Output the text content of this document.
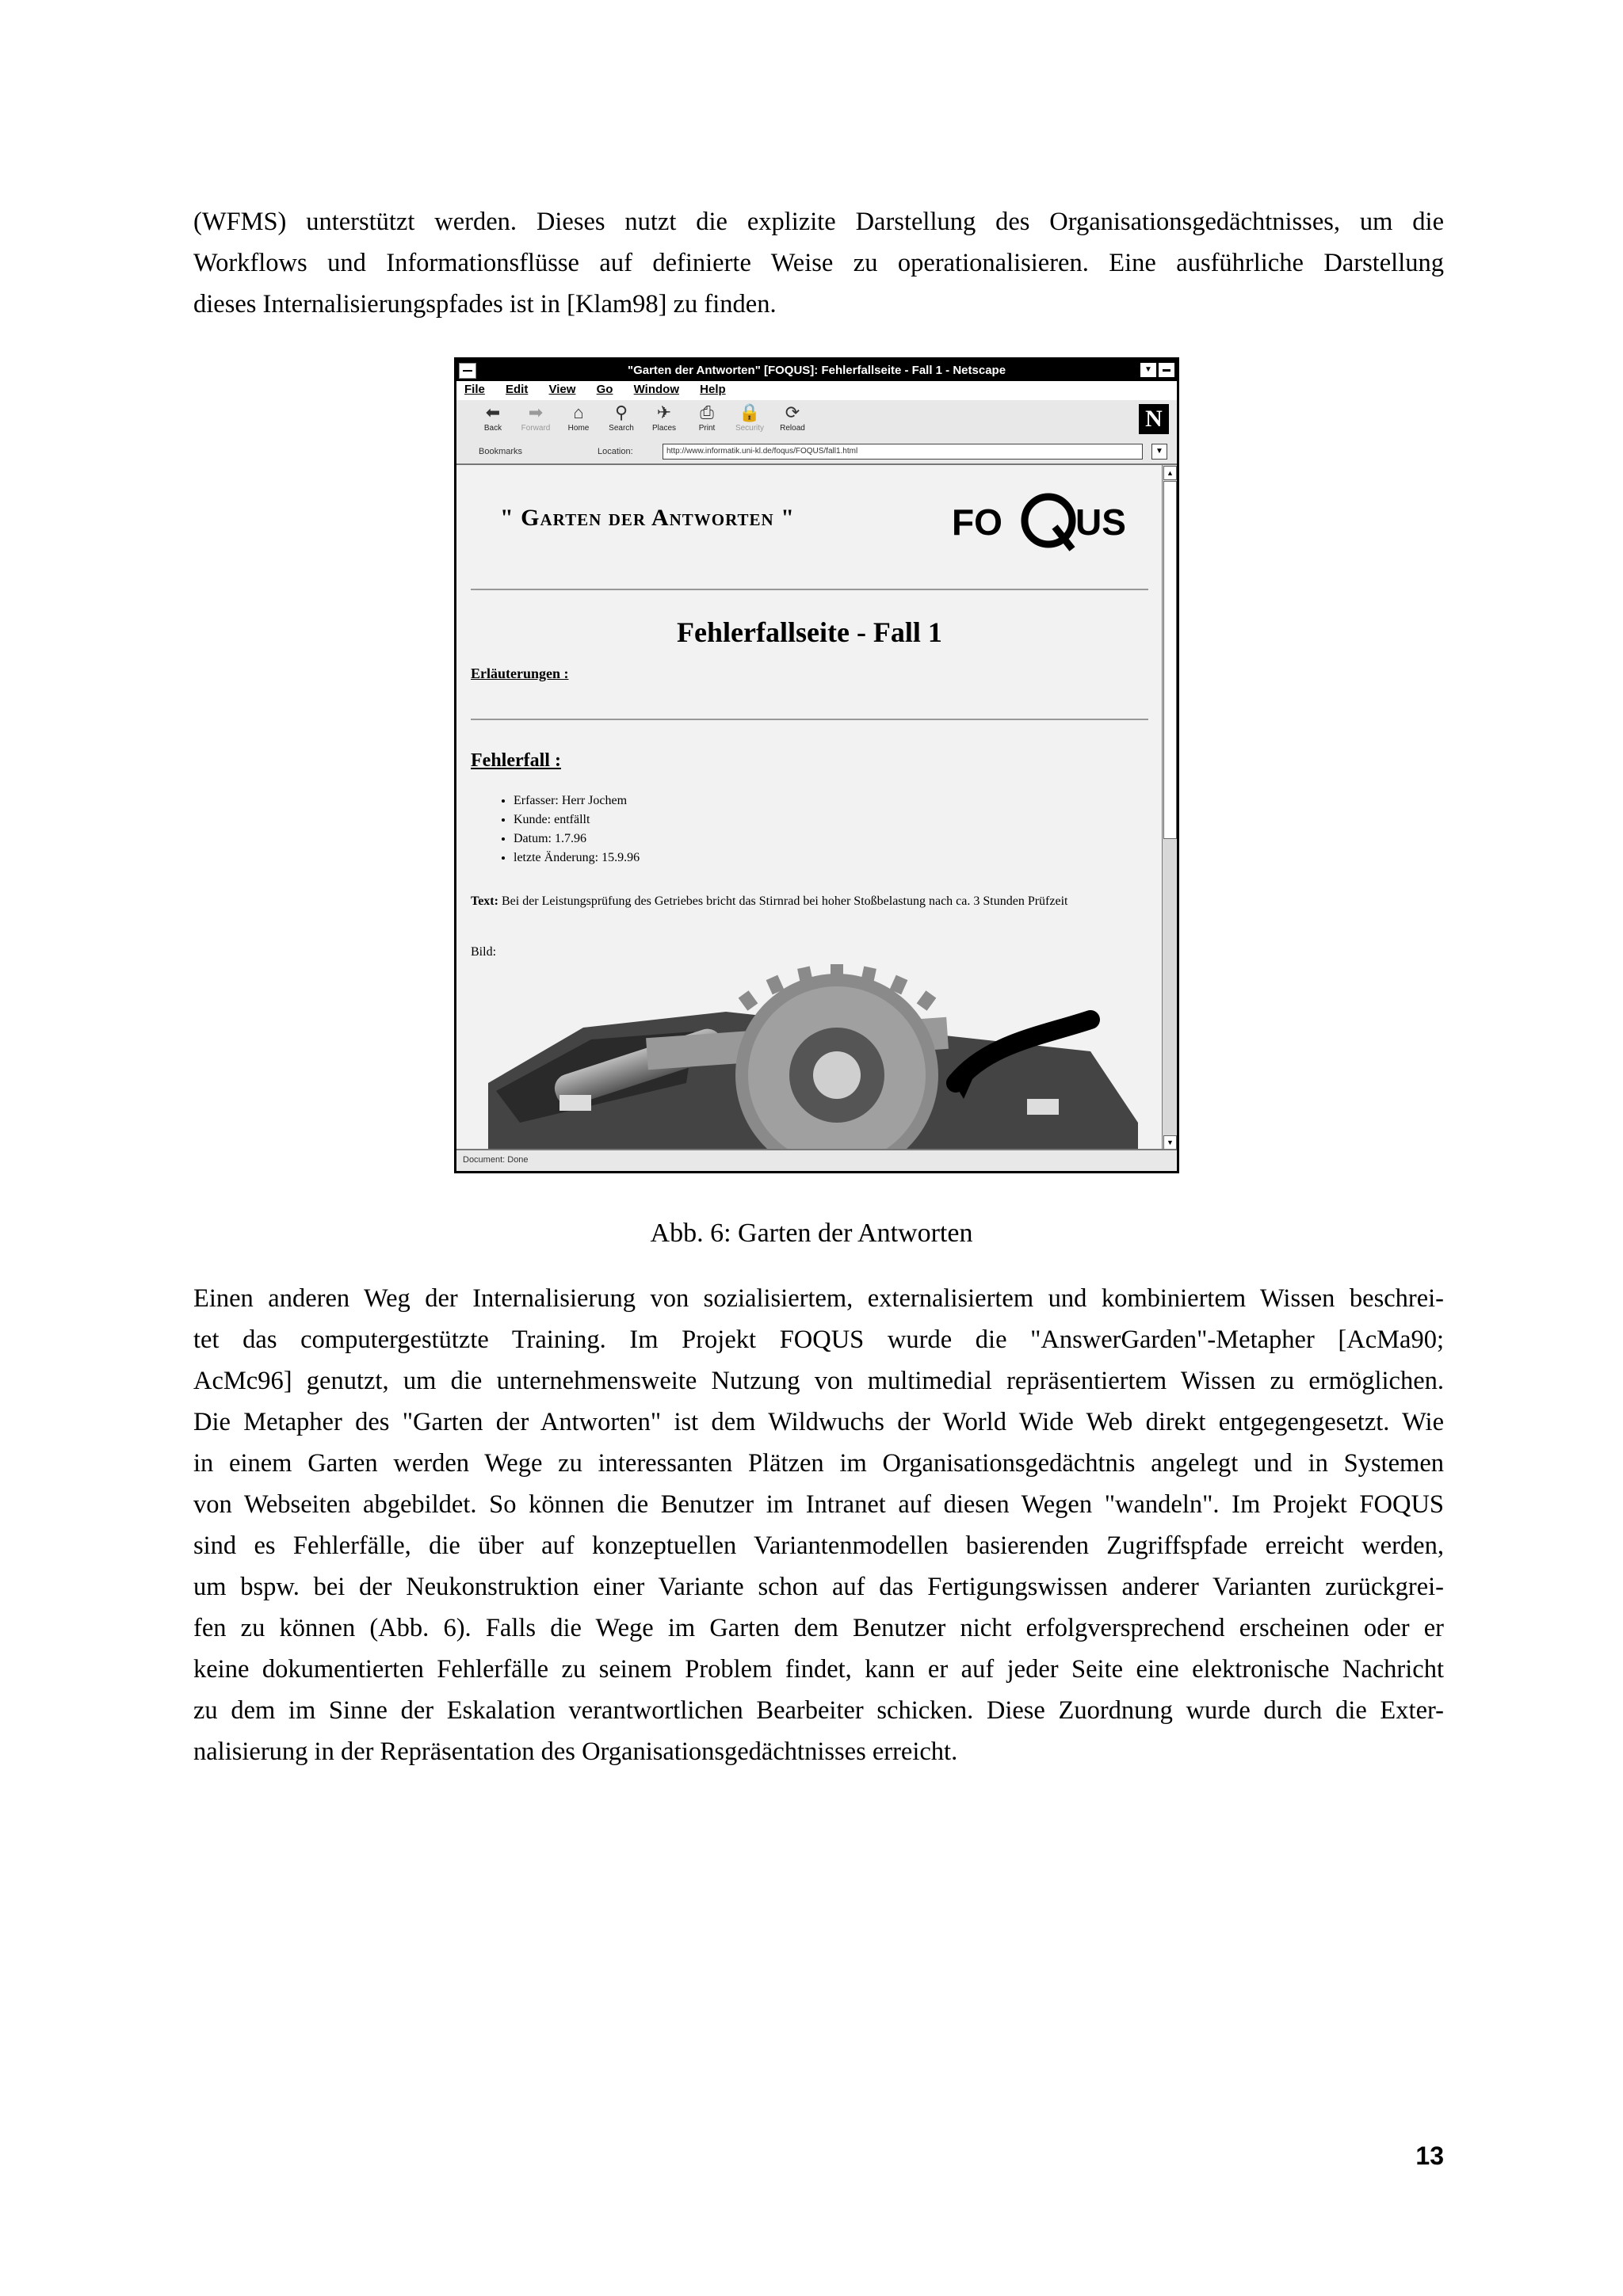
(WFMS) unterstützt werden. Dieses nutzt die explizite Darstellung des Organisationsgedächtnisses, um die
Workflows und Informationsflüsse auf definierte Weise zu operationalisieren. Eine ausführliche Darstellung
dieses Internalisierungspfades ist in [Klam98] zu finden.
"Garten der Antworten" [FOQUS]: Fehlerfallseite - Fall 1 - Netscape	▼	▬
File Edit View Go Window Help
⬅
Back
➡
Forward
⌂
Home
⚲
Search
✈
Places
⎙
Print
🔒
Security
⟳
Reload	N
Bookmarks	Location:	http://www.informatik.uni-kl.de/foqus/FOQUS/fall1.html	▼
" Garten der Antworten "	FO US
Fehlerfallseite - Fall 1
Erläuterungen :
Fehlerfall :
• Erfasser: Herr Jochem
• Kunde: entfällt
• Datum: 1.7.96
• letzte Änderung: 15.9.96
Text: Bei der Leistungsprüfung des Getriebes bricht das Stirnrad bei hoher Stoßbelastung nach ca. 3 Stunden Prüfzeit
Bild:
▲
▼
Document: Done
Abb. 6: Garten der Antworten
Einen anderen Weg der Internalisierung von sozialisiertem, externalisiertem und kombiniertem Wissen beschrei-
tet das computergestützte Training. Im Projekt FOQUS wurde die "AnswerGarden"-Metapher [AcMa90;
AcMc96] genutzt, um die unternehmensweite Nutzung von multimedial repräsentiertem Wissen zu ermöglichen.
Die Metapher des "Garten der Antworten" ist dem Wildwuchs der World Wide Web direkt entgegengesetzt. Wie
in einem Garten werden Wege zu interessanten Plätzen im Organisationsgedächtnis angelegt und in Systemen
von Webseiten abgebildet. So können die Benutzer im Intranet auf diesen Wegen "wandeln". Im Projekt FOQUS
sind es Fehlerfälle, die über auf konzeptuellen Variantenmodellen basierenden Zugriffspfade erreicht werden,
um bspw. bei der Neukonstruktion einer Variante schon auf das Fertigungswissen anderer Varianten zurückgrei-
fen zu können (Abb. 6). Falls die Wege im Garten dem Benutzer nicht erfolgversprechend erscheinen oder er
keine dokumentierten Fehlerfälle zu seinem Problem findet, kann er auf jeder Seite eine elektronische Nachricht
zu dem im Sinne der Eskalation verantwortlichen Bearbeiter schicken. Diese Zuordnung wurde durch die Exter-
nalisierung in der Repräsentation des Organisationsgedächtnisses erreicht.
13
